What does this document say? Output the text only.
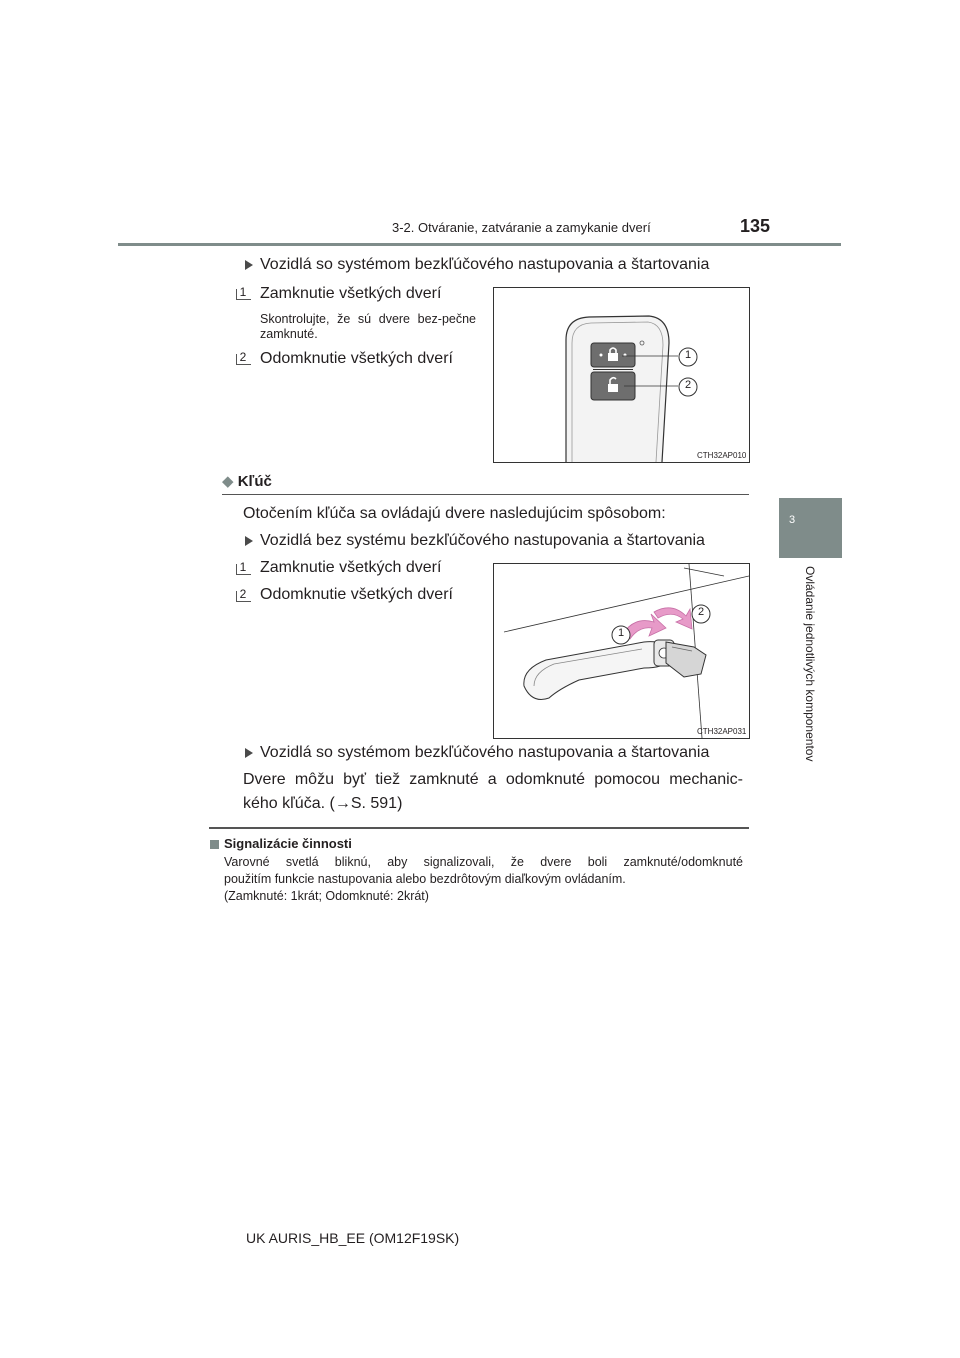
3-2. Otváranie, zatváranie a zamykanie dverí	135
3
Ovládanie jednotlivých komponentov
Vozidlá so systémom bezkľúčového nastupovania a štartovania
1 Zamknutie všetkých dverí
Skontrolujte, že sú dvere bez-pečne zamknuté.
2 Odomknutie všetkých dverí	1
2
CTH32AP010
◆ Kľúč
Otočením kľúča sa ovládajú dvere nasledujúcim spôsobom:
Vozidlá bez systému bezkľúčového nastupovania a štartovania
1 Zamknutie všetkých dverí
2 Odomknutie všetkých dverí
1
2
CTH32AP031
Vozidlá so systémom bezkľúčového nastupovania a štartovania
Dvere môžu byť tiež zamknuté a odomknuté pomocou mechanic-
kého kľúča. (→S. 591)
Signalizácie činnosti
Varovné svetlá bliknú, aby signalizovali, že dvere boli zamknuté/odomknuté
použitím funkcie nastupovania alebo bezdrôtovým diaľkovým ovládaním.
(Zamknuté: 1krát; Odomknuté: 2krát)
UK AURIS_HB_EE (OM12F19SK)
